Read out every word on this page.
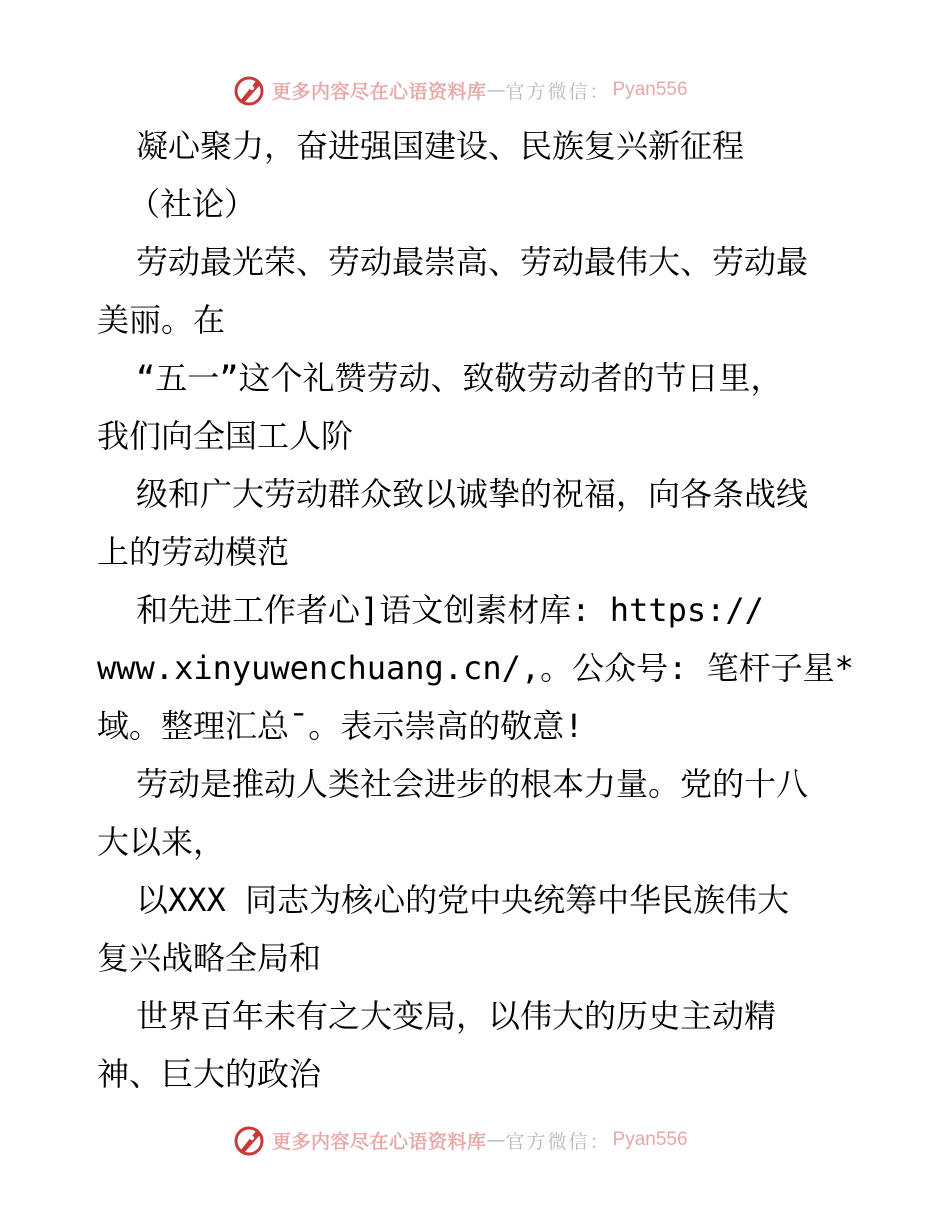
更多内容尽在心语资料库 — 官方微信： Pyan556
凝心聚力，奋进强国建设、民族复兴新征程
（社论）
劳动最光荣、劳动最崇高、劳动最伟大、劳动最
美丽。在
“五一”这个礼赞劳动、致敬劳动者的节日里，
我们向全国工人阶
级和广大劳动群众致以诚挚的祝福，向各条战线
上的劳动模范
和先进工作者心]语文创素材库: https://
www.xinyuwenchuang.cn/,。公众号: 笔杆子星*
域。整理汇总¯。表示崇高的敬意!
劳动是推动人类社会进步的根本力量。党的十八
大以来，
以XXX 同志为核心的党中央统筹中华民族伟大
复兴战略全局和
世界百年未有之大变局，以伟大的历史主动精
神、巨大的政治
更多内容尽在心语资料库 — 官方微信： Pyan556
